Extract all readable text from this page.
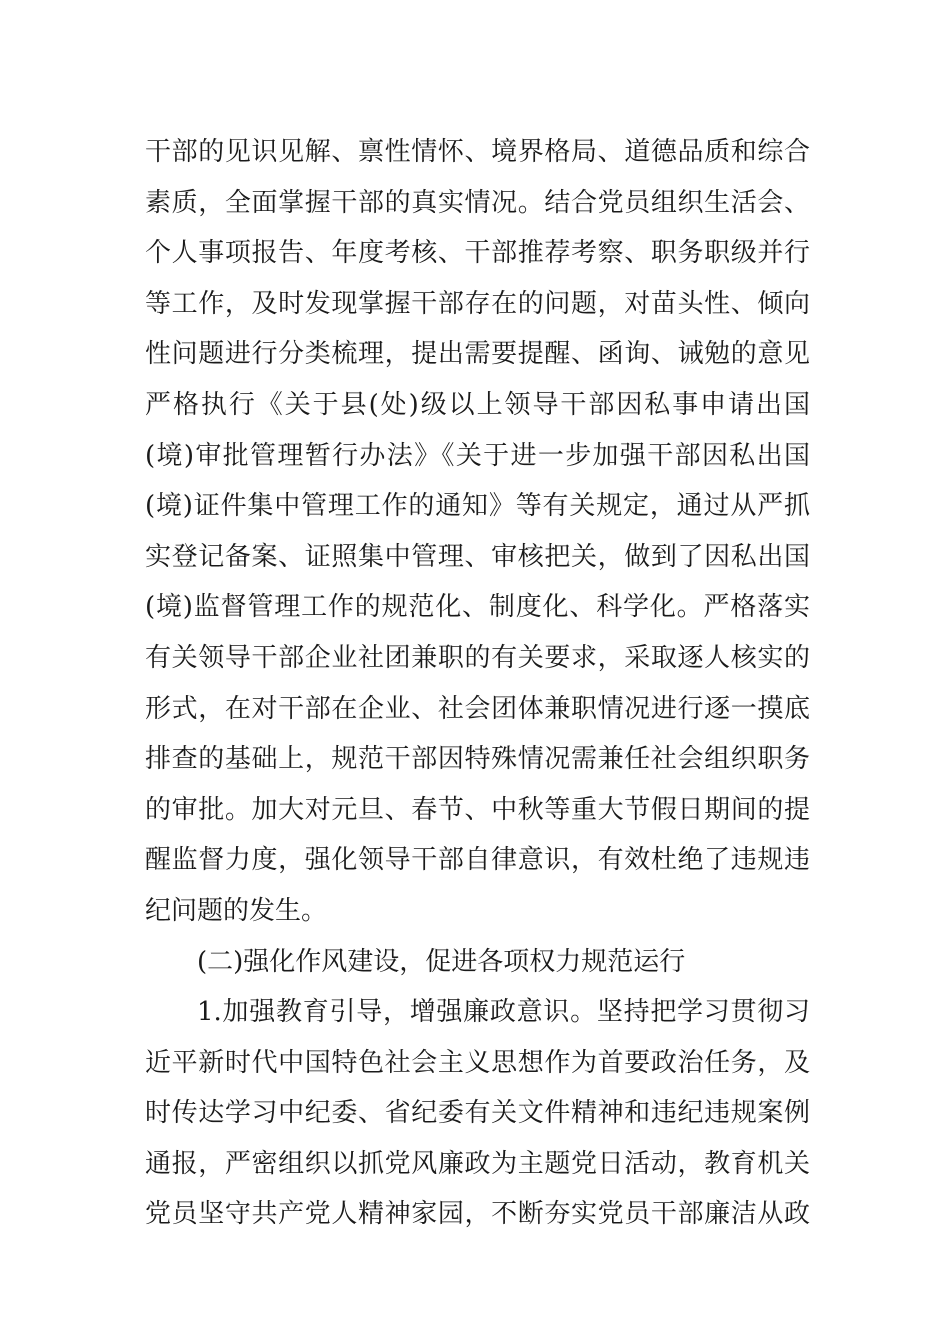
干部的见识见解、禀性情怀、境界格局、道德品质和综合
素质，全面掌握干部的真实情况。结合党员组织生活会、
个人事项报告、年度考核、干部推荐考察、职务职级并行
等工作，及时发现掌握干部存在的问题，对苗头性、倾向
性问题进行分类梳理，提出需要提醒、函询、诫勉的意见
严格执行《关于县(处)级以上领导干部因私事申请出国
(境)审批管理暂行办法》《关于进一步加强干部因私出国
(境)证件集中管理工作的通知》等有关规定，通过从严抓
实登记备案、证照集中管理、审核把关，做到了因私出国
(境)监督管理工作的规范化、制度化、科学化。严格落实
有关领导干部企业社团兼职的有关要求，采取逐人核实的
形式，在对干部在企业、社会团体兼职情况进行逐一摸底
排查的基础上，规范干部因特殊情况需兼任社会组织职务
的审批。加大对元旦、春节、中秋等重大节假日期间的提
醒监督力度，强化领导干部自律意识，有效杜绝了违规违
纪问题的发生。
(二)强化作风建设，促进各项权力规范运行
1.加强教育引导，增强廉政意识。坚持把学习贯彻习
近平新时代中国特色社会主义思想作为首要政治任务，及
时传达学习中纪委、省纪委有关文件精神和违纪违规案例
通报，严密组织以抓党风廉政为主题党日活动，教育机关
党员坚守共产党人精神家园，不断夯实党员干部廉洁从政
